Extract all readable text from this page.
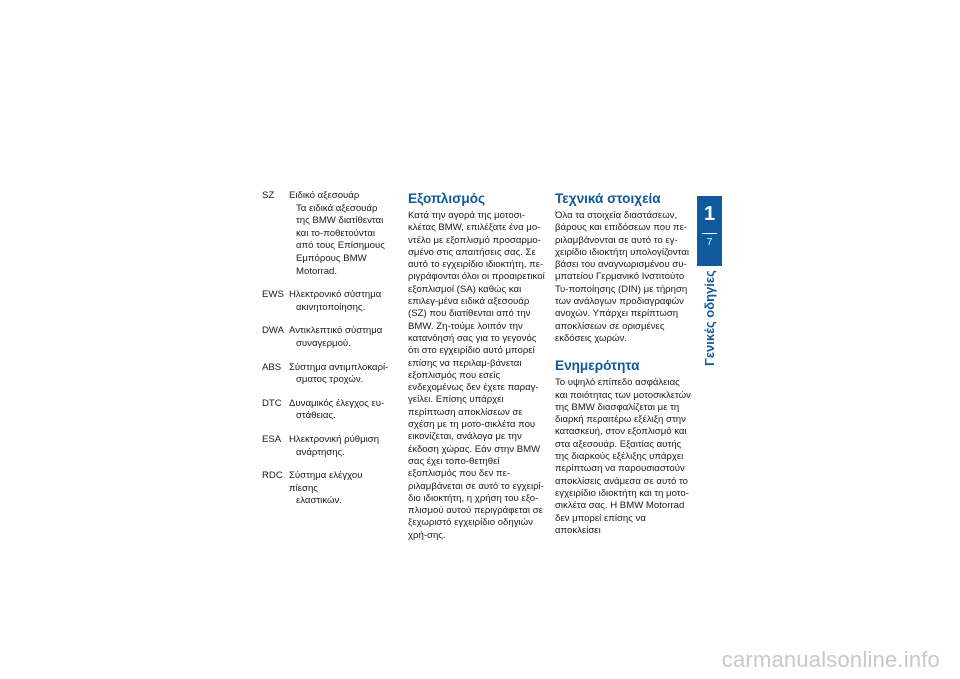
SZ	Ειδικό αξεσουάρ
Τα ειδικά αξεσουάρ της BMW διατίθενται και το-ποθετούνται από τους Επίσημους Εμπόρους BMW Motorrad.
EWS Ηλεκτρονικό σύστημα
ακινητοποίησης.
DWA Αντικλεπτικό σύστημα
συναγερμού.
ABS Σύστημα αντιμπλοκαρί-
σματος τροχών.
DTC Δυναμικός έλεγχος ευ-
στάθειας.
ESA Ηλεκτρονική ρύθμιση
ανάρτησης.
RDC Σύστημα ελέγχου πίεσης
ελαστικών.
Εξοπλισμός

Κατά την αγορά της μοτοσι-κλέτας BMW, επιλέξατε ένα μο-ντέλο με εξοπλισμό προσαρμο-σμένο στις απαιτήσεις σας. Σε αυτό το εγχειρίδιο ιδιοκτήτη, πε-ριγράφονται όλοι οι προαιρετικοί εξοπλισμοί (SA) καθώς και επιλεγ-μένα ειδικά αξεσουάρ (SZ) που διατίθενται από την BMW. Ζη-τούμε λοιπόν την κατανόησή σας για το γεγονός ότι στο εγχειρίδιο αυτό μπορεί επίσης να περιλαμ-βάνεται εξοπλισμός που εσείς ενδεχομένως δεν έχετε παραγ-γείλει. Επίσης υπάρχει περίπτωση αποκλίσεων σε σχέση με τη μοτο-σικλέτα που εικονίζεται, ανάλογα με την έκδοση χώρας. Εάν στην BMW σας έχει τοπο-θετηθεί εξοπλισμός που δεν πε-ριλαμβάνεται σε αυτό το εγχειρί-διο ιδιοκτήτη, η χρήση του εξο-πλισμού αυτού περιγράφεται σε ξεχωριστό εγχειρίδιο οδηγιών χρή-σης.

Τεχνικά στοιχεία

Όλα τα στοιχεία διαστάσεων, βάρους και επιδόσεων που πε-ριλαμβάνονται σε αυτό το εγ-χειρίδιο ιδιοκτήτη υπολογίζονται βάσει του αναγνωρισμένου συ-μπατείου Γερμανικό Ινστιτούτο Τυ-ποποίησης (DIN) με τήρηση των ανάλογων προδιαγραφών ανοχών. Υπάρχει περίπτωση αποκλίσεων σε ορισμένες εκδόσεις χωρών.

Ενημερότητα

Το υψηλό επίπεδο ασφάλειας και ποιότητας των μοτοσικλετών της BMW διασφαλίζεται με τη διαρκή περαιτέρω εξέλιξη στην κατασκευή, στον εξοπλισμό και στα αξεσουάρ. Εξαιτίας αυτής της διαρκούς εξέλιξης υπάρχει περίπτωση να παρουσιαστούν αποκλίσεις ανάμεσα σε αυτό το εγχειρίδιο ιδιοκτήτη και τη μοτο-σικλέτα σας. Η BMW Motorrad δεν μπορεί επίσης να αποκλείσει

1
7
Γενικές οδηγίες
carmanualsonline.info
